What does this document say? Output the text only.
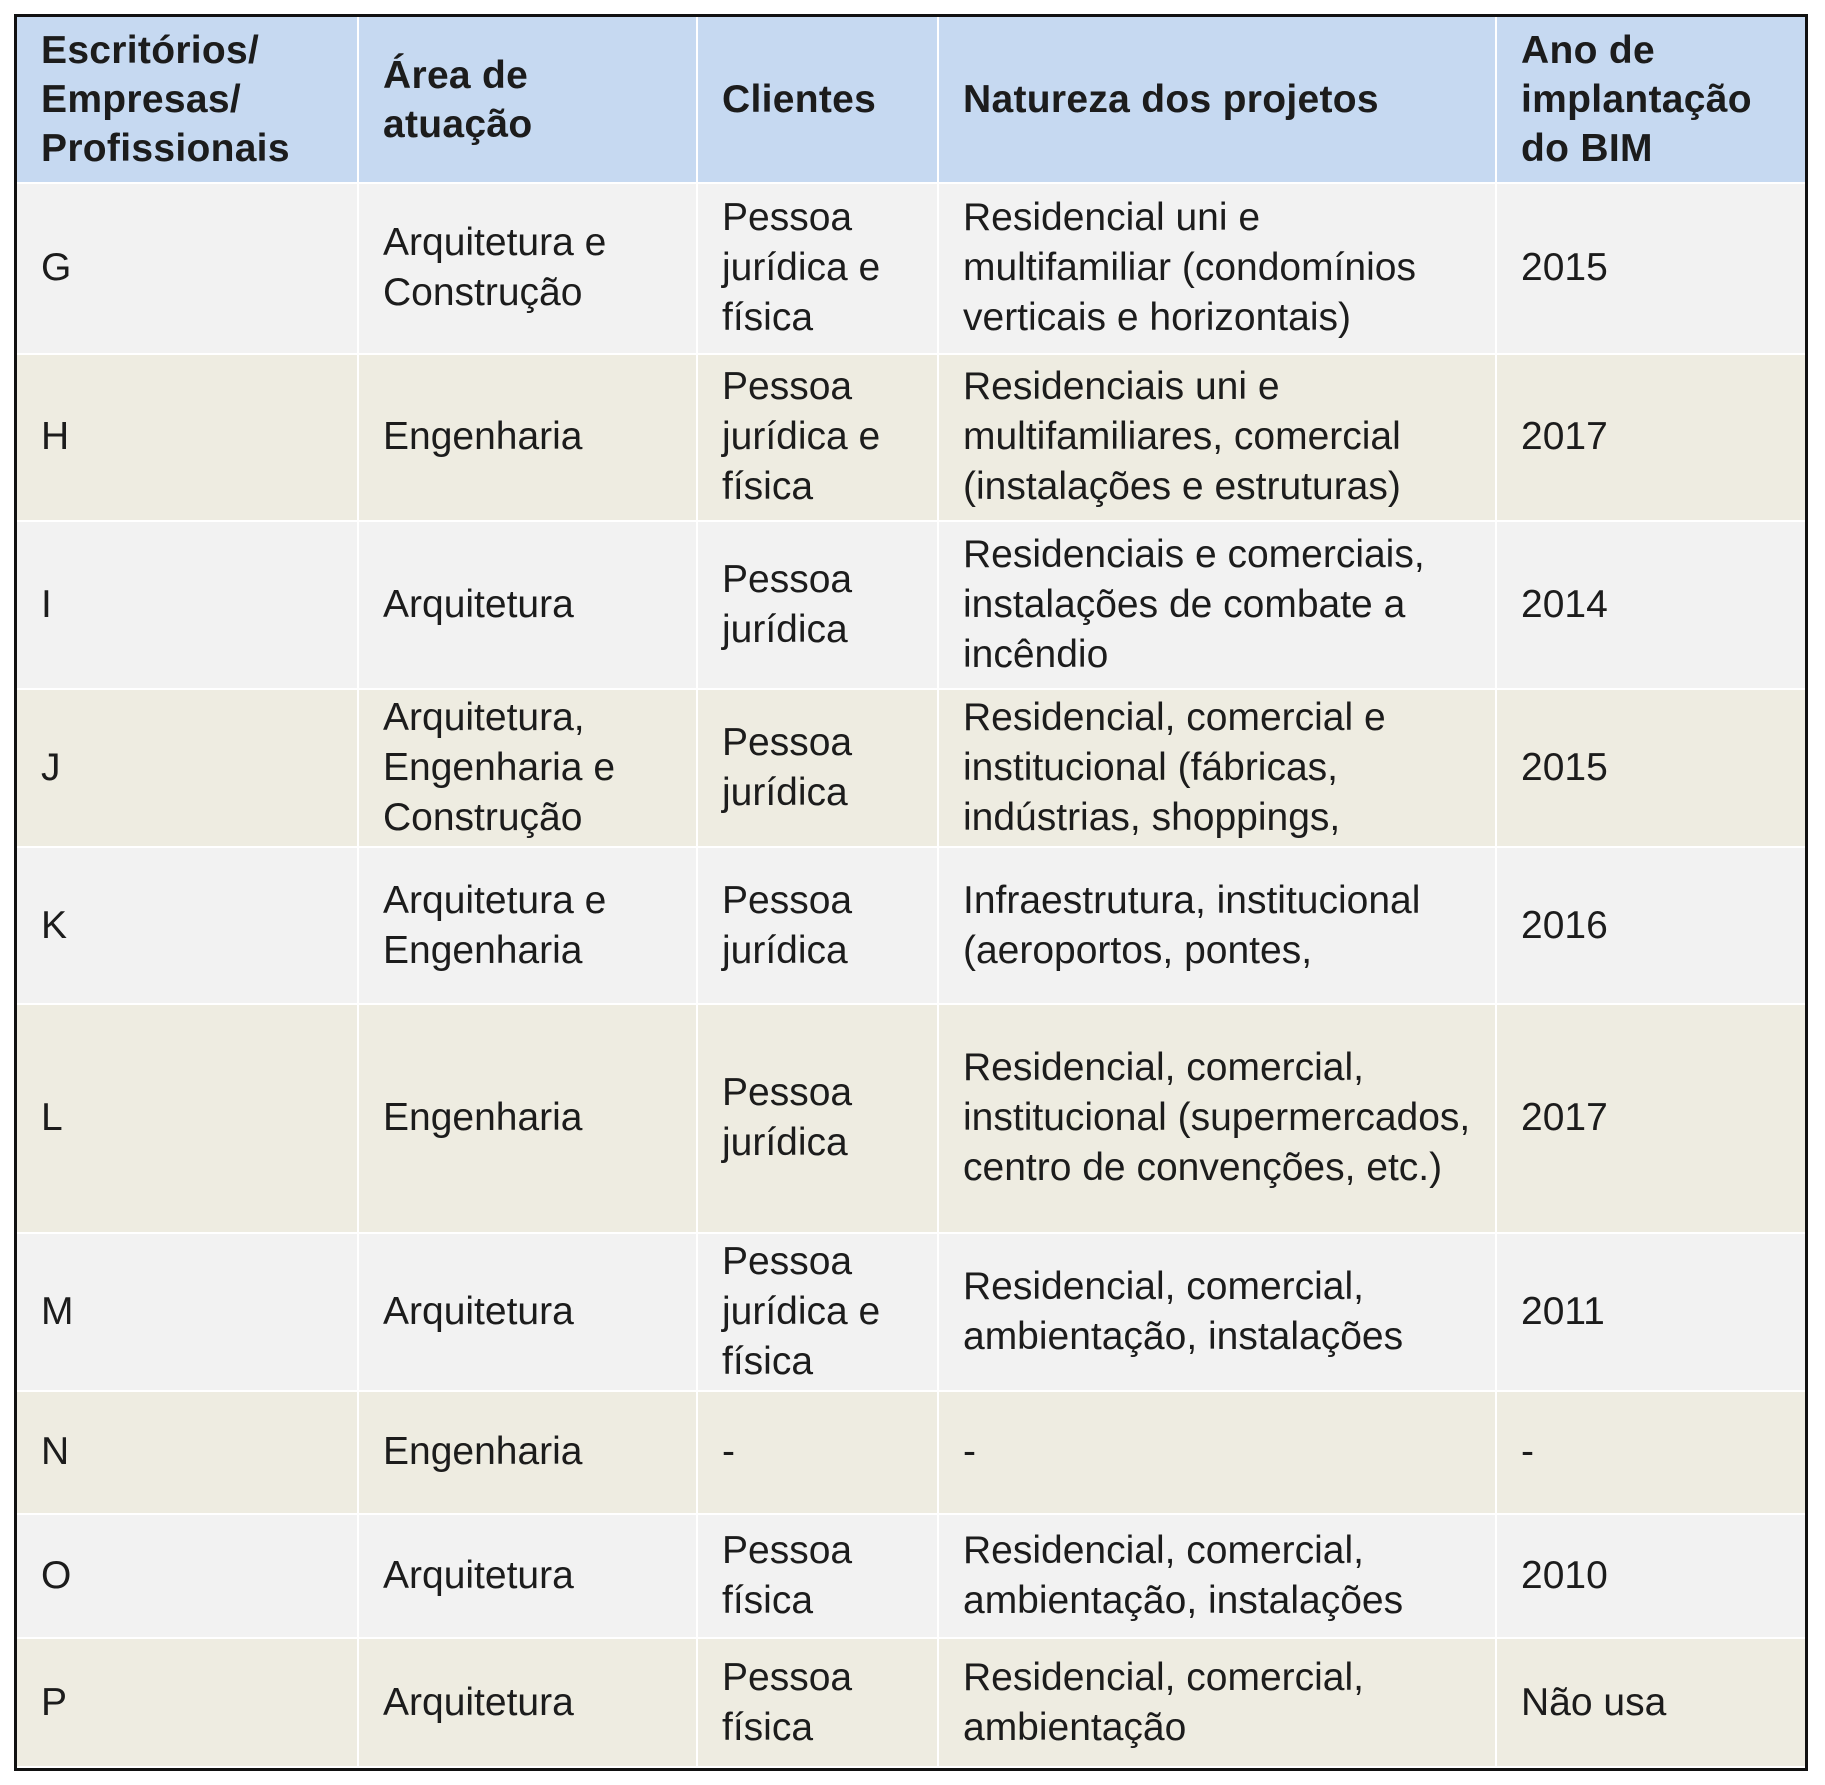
Escritórios/ Empresas/ Profissionais	Área de atuação	Clientes	Natureza dos projetos	Ano de implantação do BIM

G	Arquitetura e Construção	Pessoa jurídica e física	Residencial uni e multifamiliar (condomínios verticais e horizontais)	2015

H	Engenharia	Pessoa jurídica e física	Residenciais uni e multifamiliares, comercial (instalações e estruturas)	2017

I	Arquitetura	Pessoa jurídica	Residenciais e comerciais, instalações de combate a incêndio	2014

J	Arquitetura, Engenharia e Construção	Pessoa jurídica	Residencial, comercial e institucional (fábricas, indústrias, shoppings,	2015

K	Arquitetura e Engenharia	Pessoa jurídica	Infraestrutura, institucional (aeroportos, pontes,	2016

L	Engenharia	Pessoa jurídica	Residencial, comercial, institucional (supermercados, centro de convenções, etc.)	2017

M	Arquitetura	Pessoa jurídica e física	Residencial, comercial, ambientação, instalações	2011

N	Engenharia	-	-	-

O	Arquitetura	Pessoa física	Residencial, comercial, ambientação, instalações	2010

P	Arquitetura	Pessoa física	Residencial, comercial, ambientação	Não usa
